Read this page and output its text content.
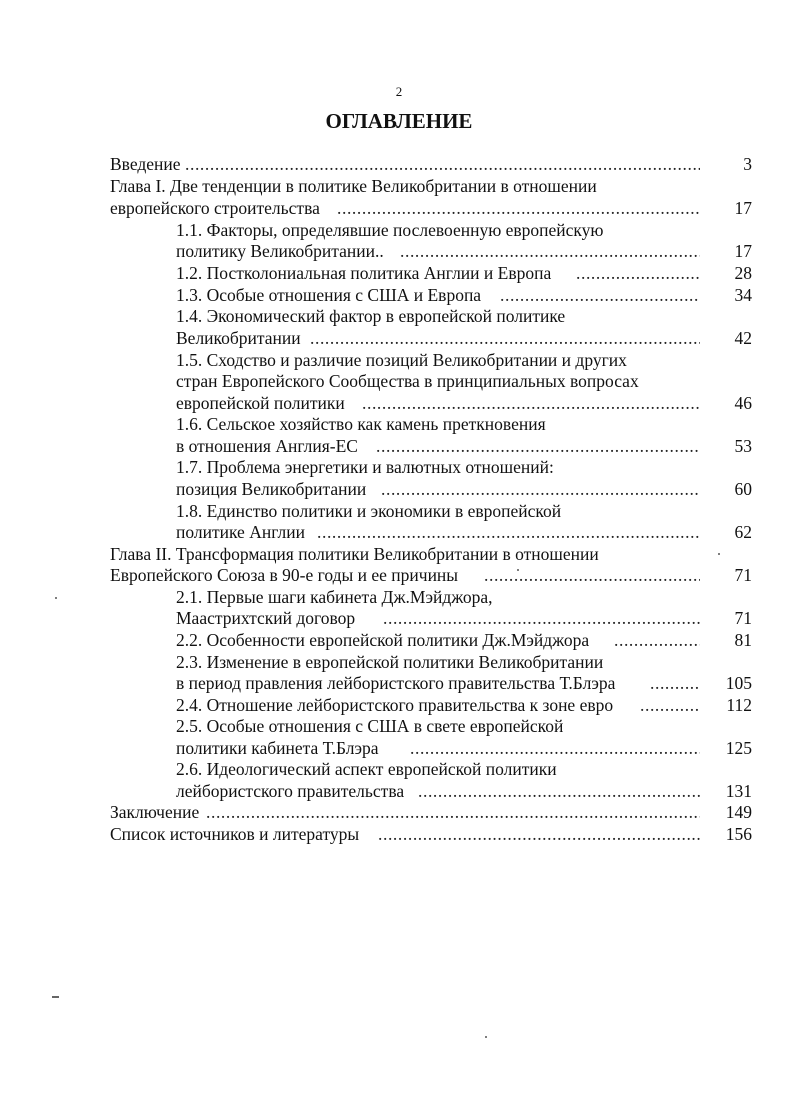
2
ОГЛАВЛЕНИЕ
Введение .....	3
Глава I. Две тенденции в политике Великобритании в отношении
европейского строительства .....	17
1.1. Факторы, определявшие послевоенную европейскую
политику Великобритании.. .....	17
1.2. Постколониальная политика Англии и Европа .....	28
1.3. Особые отношения с США и Европа .....	34
1.4. Экономический фактор в европейской политике
Великобритании .....	42
1.5. Сходство и различие позиций Великобритании и других
стран Европейского Сообщества в принципиальных вопросах
европейской политики .....	46
1.6. Сельское хозяйство как камень преткновения
в отношения Англия-ЕС .....	53
1.7. Проблема энергетики и валютных отношений:
позиция Великобритании .....	60
1.8. Единство политики и экономики в европейской
политике Англии .....	62
Глава II. Трансформация политики Великобритании в отношении
Европейского Союза в 90-е годы и ее причины .....	71
2.1. Первые шаги кабинета Дж.Мэйджора,
Маастрихтский договор .....	71
2.2. Особенности европейской политики Дж.Мэйджора .....	81
2.3. Изменение в европейской политики Великобритании
в период правления лейбористского правительства Т.Блэра .....	105
2.4. Отношение лейбористского правительства к зоне евро .....	112
2.5. Особые отношения с США в свете европейской
политики кабинета Т.Блэра .....	125
2.6. Идеологический аспект европейской политики
лейбористского правительства .....	131
Заключение .....	149
Список источников и литературы .....	156
